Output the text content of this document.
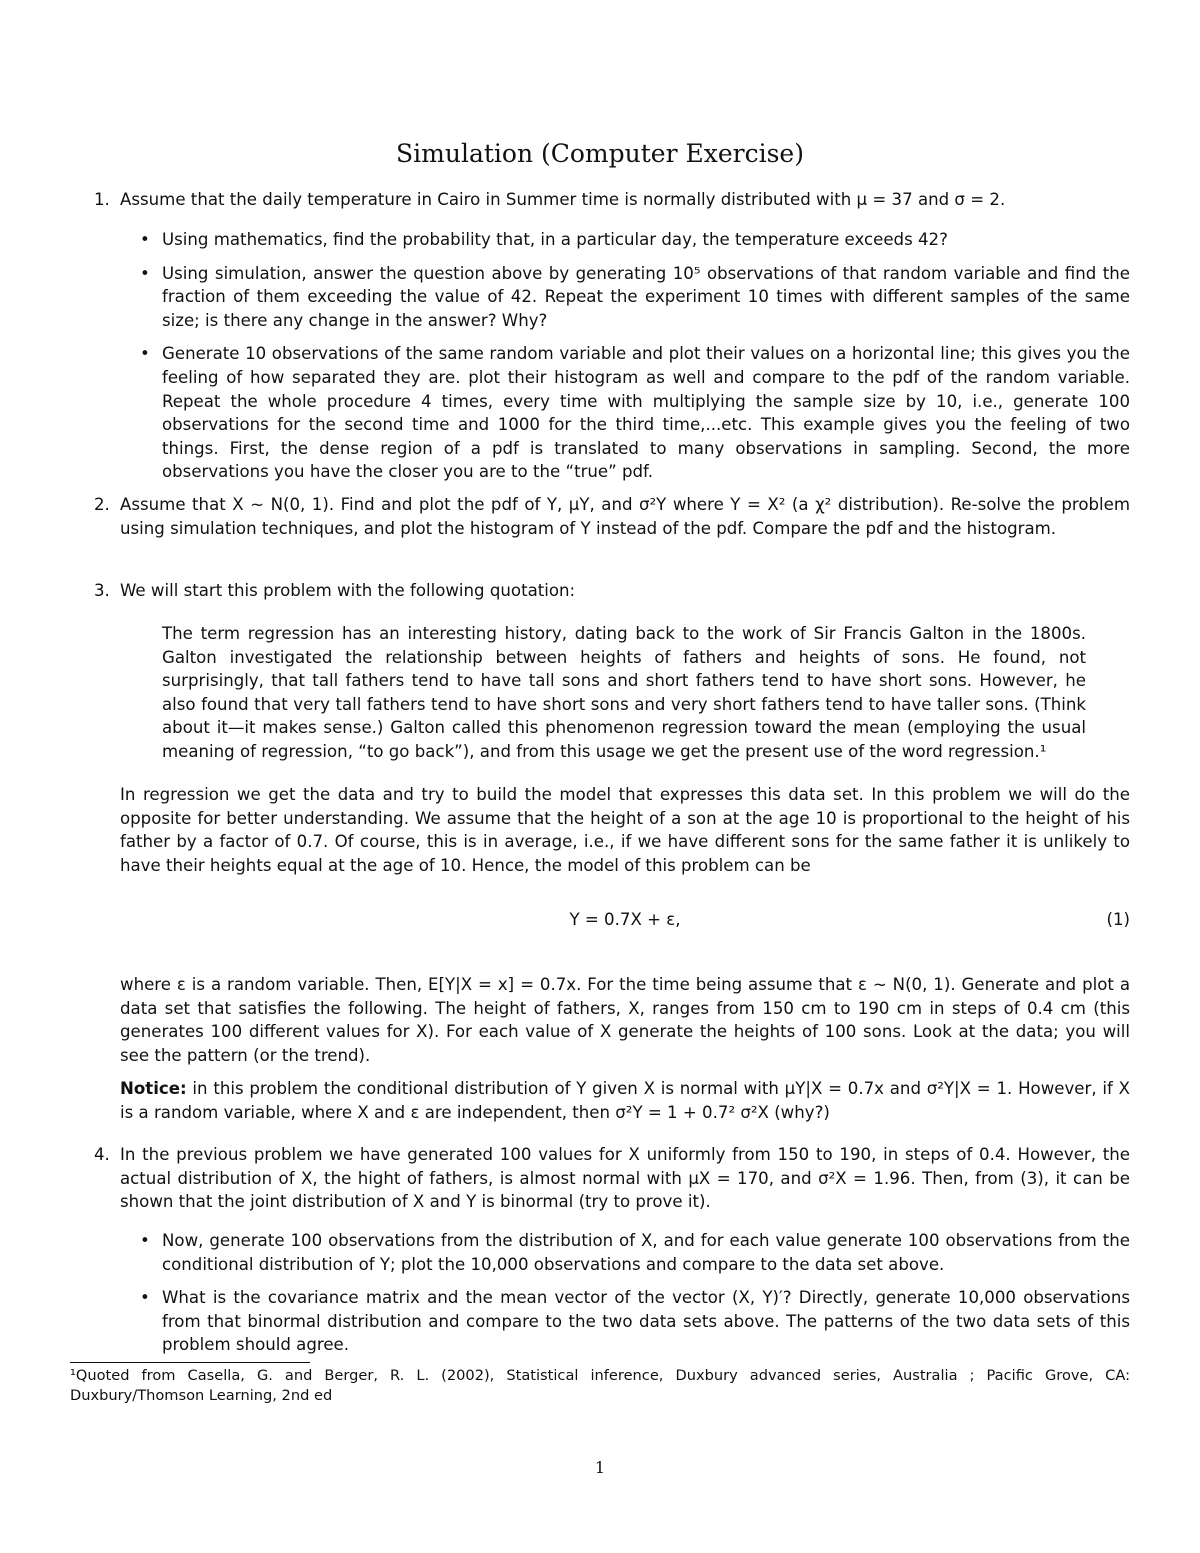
Simulation (Computer Exercise)
1. Assume that the daily temperature in Cairo in Summer time is normally distributed with μ = 37 and σ = 2.
• Using mathematics, find the probability that, in a particular day, the temperature exceeds 42?
• Using simulation, answer the question above by generating 10⁵ observations of that random variable and find the fraction of them exceeding the value of 42. Repeat the experiment 10 times with different samples of the same size; is there any change in the answer? Why?
• Generate 10 observations of the same random variable and plot their values on a horizontal line; this gives you the feeling of how separated they are. plot their histogram as well and compare to the pdf of the random variable. Repeat the whole procedure 4 times, every time with multiplying the sample size by 10, i.e., generate 100 observations for the second time and 1000 for the third time,...etc. This example gives you the feeling of two things. First, the dense region of a pdf is translated to many observations in sampling. Second, the more observations you have the closer you are to the “true” pdf.
2. Assume that X ∼ N(0, 1). Find and plot the pdf of Y, μY, and σ²Y where Y = X² (a χ² distribution). Re-solve the problem using simulation techniques, and plot the histogram of Y instead of the pdf. Compare the pdf and the histogram.
3. We will start this problem with the following quotation:
The term regression has an interesting history, dating back to the work of Sir Francis Galton in the 1800s. Galton investigated the relationship between heights of fathers and heights of sons. He found, not surprisingly, that tall fathers tend to have tall sons and short fathers tend to have short sons. However, he also found that very tall fathers tend to have short sons and very short fathers tend to have taller sons. (Think about it—it makes sense.) Galton called this phenomenon regression toward the mean (employing the usual meaning of regression, “to go back”), and from this usage we get the present use of the word regression.¹
In regression we get the data and try to build the model that expresses this data set. In this problem we will do the opposite for better understanding. We assume that the height of a son at the age 10 is proportional to the height of his father by a factor of 0.7. Of course, this is in average, i.e., if we have different sons for the same father it is unlikely to have their heights equal at the age of 10. Hence, the model of this problem can be
Y = 0.7X + ε,	(1)
where ε is a random variable. Then, E[Y|X = x] = 0.7x. For the time being assume that ε ∼ N(0, 1). Generate and plot a data set that satisfies the following. The height of fathers, X, ranges from 150 cm to 190 cm in steps of 0.4 cm (this generates 100 different values for X). For each value of X generate the heights of 100 sons. Look at the data; you will see the pattern (or the trend).
Notice: in this problem the conditional distribution of Y given X is normal with μY|X = 0.7x and σ²Y|X = 1. However, if X is a random variable, where X and ε are independent, then σ²Y = 1 + 0.7² σ²X (why?)
4. In the previous problem we have generated 100 values for X uniformly from 150 to 190, in steps of 0.4. However, the actual distribution of X, the hight of fathers, is almost normal with μX = 170, and σ²X = 1.96. Then, from (3), it can be shown that the joint distribution of X and Y is binormal (try to prove it).
• Now, generate 100 observations from the distribution of X, and for each value generate 100 observations from the conditional distribution of Y; plot the 10,000 observations and compare to the data set above.
• What is the covariance matrix and the mean vector of the vector (X, Y)′? Directly, generate 10,000 observations from that binormal distribution and compare to the two data sets above. The patterns of the two data sets of this problem should agree.
¹Quoted from Casella, G. and Berger, R. L. (2002), Statistical inference, Duxbury advanced series, Australia ; Pacific Grove, CA: Duxbury/Thomson Learning, 2nd ed
1
